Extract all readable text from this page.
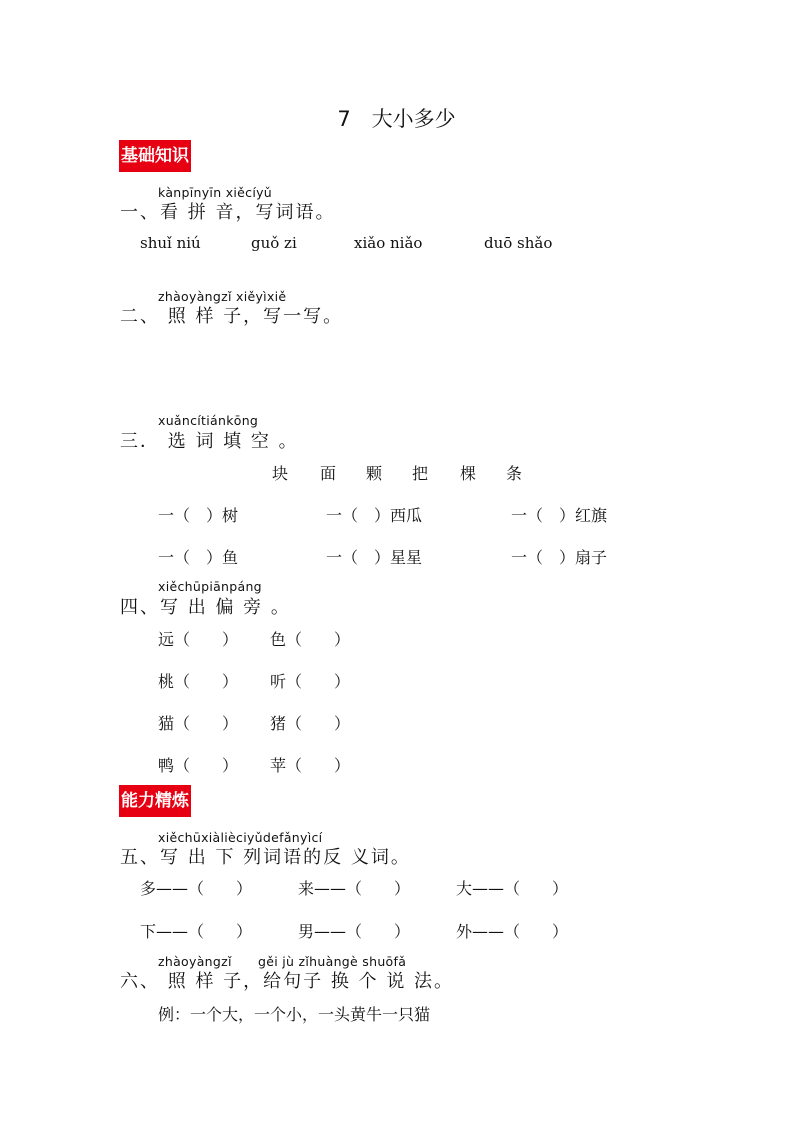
7　大小多少
基础知识
kànpīnyīn xiěcíyǔ
一、看 拼 音，写词语。
shuǐ niú	guǒ zi	xiǎo niǎo	duō shǎo
zhàoyàngzǐ xiěyìxiě
二、 照 样 子，写一写。
xuǎncítiánkōng
三． 选 词 填 空 。
块 面 颗 把 棵 条
一（　）树	一（　）西瓜	一（　）红旗
一（　）鱼	一（　）星星	一（　）扇子
xiěchūpiānpáng
四、写 出 偏 旁 。
远（　　） 色（　　）
桃（　　） 听（　　）
猫（　　） 猪（　　）
鸭（　　） 苹（　　）
能力精炼
xiěchūxiàlièciyǔdefǎnyìcí
五、写 出 下 列词语的反 义词。
多——（　　）	来——（　　）	大——（　　）
下——（　　）	男——（　　）	外——（　　）
zhàoyàngzǐ gěi jù zǐhuàngè shuōfǎ
六、 照 样 子，给句子 换 个 说 法。
例：一个大，一个小，一头黄牛一只猫
